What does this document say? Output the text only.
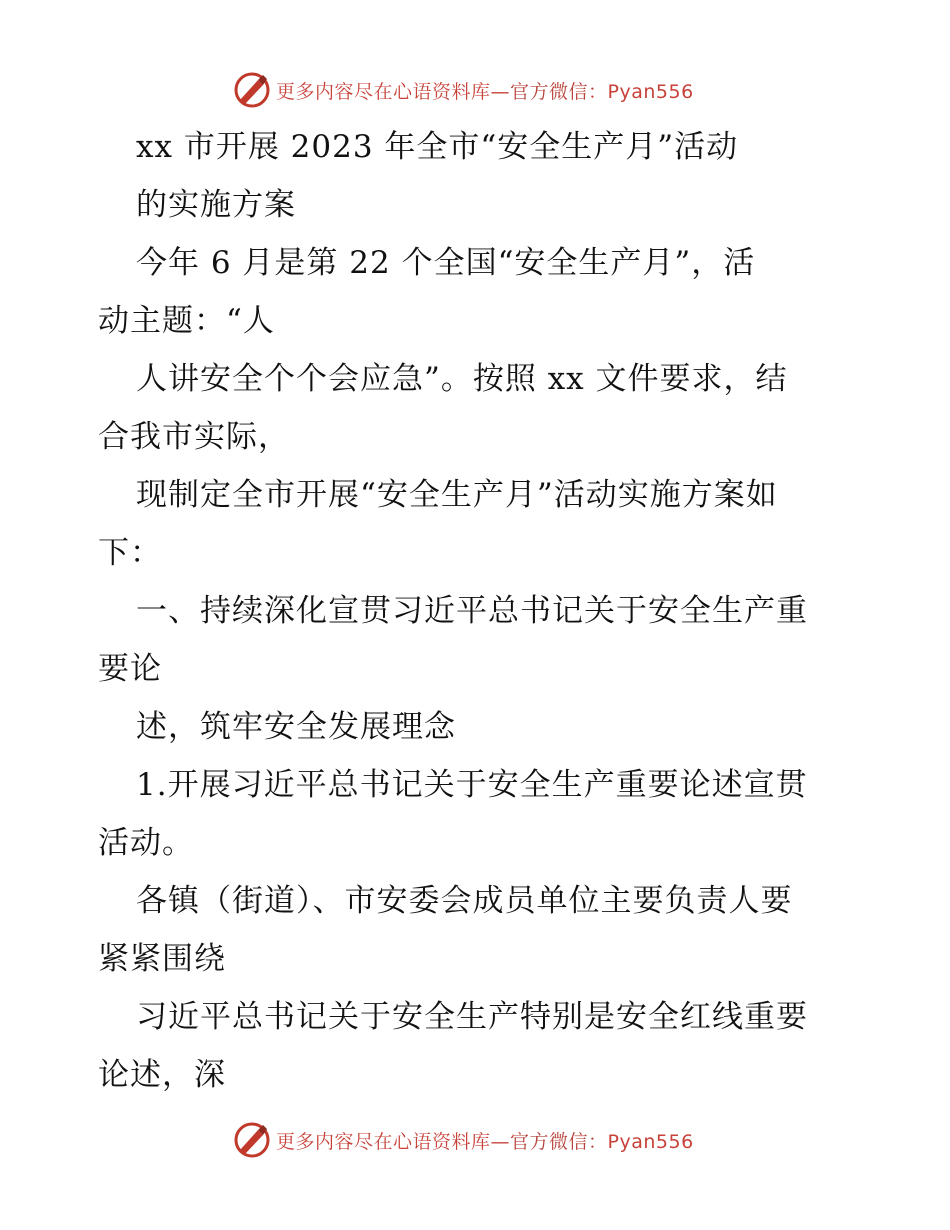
更多内容尽在心语资料库—官方微信：Pyan556
xx 市开展 2023 年全市“安全生产月”活动
的实施方案
今年 6 月是第 22 个全国“安全生产月”，活
动主题：“人
人讲安全个个会应急”。按照 xx 文件要求，结
合我市实际，
现制定全市开展“安全生产月”活动实施方案如
下：
一、持续深化宣贯习近平总书记关于安全生产重
要论
述，筑牢安全发展理念
1.开展习近平总书记关于安全生产重要论述宣贯
活动。
各镇（街道）、市安委会成员单位主要负责人要
紧紧围绕
习近平总书记关于安全生产特别是安全红线重要
论述，深
更多内容尽在心语资料库—官方微信：Pyan556
